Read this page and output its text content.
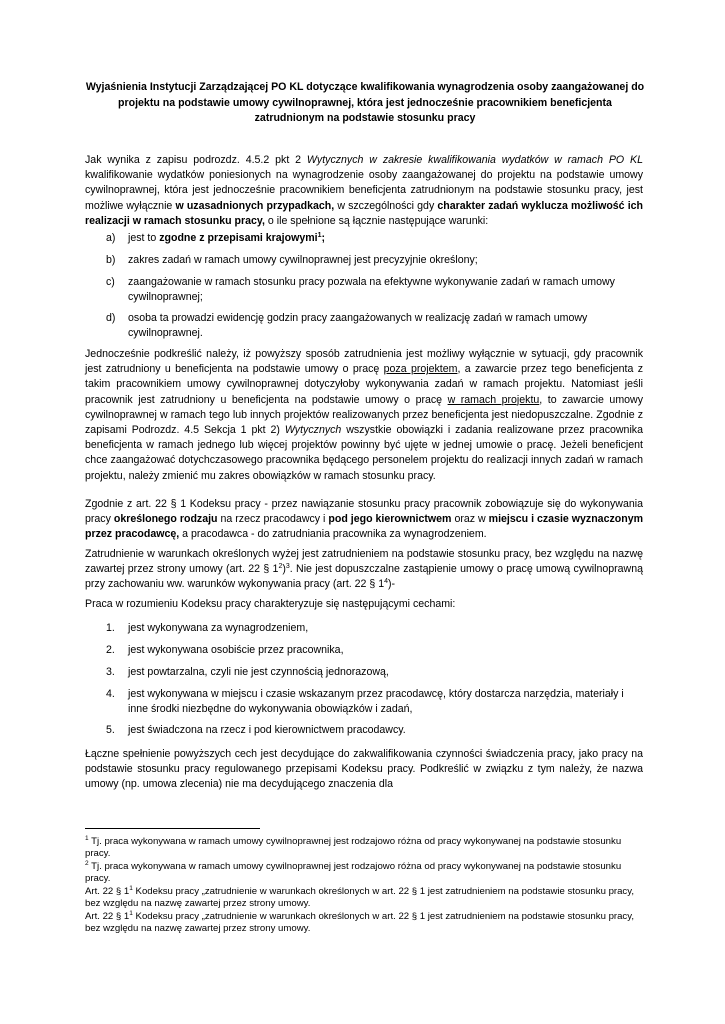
Wyjaśnienia Instytucji Zarządzającej PO KL dotyczące kwalifikowania wynagrodzenia osoby zaangażowanej do projektu na podstawie umowy cywilnoprawnej, która jest jednocześnie pracownikiem beneficjenta zatrudnionym na podstawie stosunku pracy
Jak wynika z zapisu podrozdz. 4.5.2 pkt 2 Wytycznych w zakresie kwalifikowania wydatków w ramach PO KL kwalifikowanie wydatków poniesionych na wynagrodzenie osoby zaangażowanej do projektu na podstawie umowy cywilnoprawnej, która jest jednocześnie pracownikiem beneficjenta zatrudnionym na podstawie stosunku pracy, jest możliwe wyłącznie w uzasadnionych przypadkach, w szczególności gdy charakter zadań wyklucza możliwość ich realizacji w ramach stosunku pracy, o ile spełnione są łącznie następujące warunki:
a)	jest to zgodne z przepisami krajowymi$^1$;
b)	zakres zadań w ramach umowy cywilnoprawnej jest precyzyjnie określony;
c)	zaangażowanie w ramach stosunku pracy pozwala na efektywne wykonywanie zadań w ramach umowy cywilnoprawnej;
d)	osoba ta prowadzi ewidencję godzin pracy zaangażowanych w realizację zadań w ramach umowy cywilnoprawnej.
Jednocześnie podkreślić należy, iż powyższy sposób zatrudnienia jest możliwy wyłącznie w sytuacji, gdy pracownik jest zatrudniony u beneficjenta na podstawie umowy o pracę poza projektem, a zawarcie przez tego beneficjenta z takim pracownikiem umowy cywilnoprawnej dotyczyłoby wykonywania zadań w ramach projektu. Natomiast jeśli pracownik jest zatrudniony u beneficjenta na podstawie umowy o pracę w ramach projektu, to zawarcie umowy cywilnoprawnej w ramach tego lub innych projektów realizowanych przez beneficjenta jest niedopuszczalne. Zgodnie z zapisami Podrozdz. 4.5 Sekcja 1 pkt 2) Wytycznych wszystkie obowiązki i zadania realizowane przez pracownika beneficjenta w ramach jednego lub więcej projektów powinny być ujęte w jednej umowie o pracę. Jeżeli beneficjent chce zaangażować dotychczasowego pracownika będącego personelem projektu do realizacji innych zadań w ramach projektu, należy zmienić mu zakres obowiązków w ramach stosunku pracy.
Zgodnie z art. 22 § 1 Kodeksu pracy - przez nawiązanie stosunku pracy pracownik zobowiązuje się do wykonywania pracy określonego rodzaju na rzecz pracodawcy i pod jego kierownictwem oraz w miejscu i czasie wyznaczonym przez pracodawcę, a pracodawca - do zatrudniania pracownika za wynagrodzeniem.
Zatrudnienie w warunkach określonych wyżej jest zatrudnieniem na podstawie stosunku pracy, bez względu na nazwę zawartej przez strony umowy (art. 22 § $1^2)^3$. Nie jest dopuszczalne zastąpienie umowy o pracę umową cywilnoprawną przy zachowaniu ww. warunków wykonywania pracy (art. 22 § $1^4)-$
Praca w rozumieniu Kodeksu pracy charakteryzuje się następującymi cechami:
1.	jest wykonywana za wynagrodzeniem,
2.	jest wykonywana osobiście przez pracownika,
3.	jest powtarzalna, czyli nie jest czynnością jednorazową,
4.	jest wykonywana w miejscu i czasie wskazanym przez pracodawcę, który dostarcza narzędzia, materiały i inne środki niezbędne do wykonywania obowiązków i zadań,
5.	jest świadczona na rzecz i pod kierownictwem pracodawcy.
Łączne spełnienie powyższych cech jest decydujące do zakwalifikowania czynności świadczenia pracy, jako pracy na podstawie stosunku pracy regulowanego przepisami Kodeksu pracy. Podkreślić w związku z tym należy, że nazwa umowy (np. umowa zlecenia) nie ma decydującego znaczenia dla
$^1$ Tj. praca wykonywana w ramach umowy cywilnoprawnej jest rodzajowo różna od pracy wykonywanej na podstawie stosunku pracy.
$^2$ Tj. praca wykonywana w ramach umowy cywilnoprawnej jest rodzajowo różna od pracy wykonywanej na podstawie stosunku pracy.
Art. 22 § $1^1$ Kodeksu pracy „zatrudnienie w warunkach określonych w art. 22 § 1 jest zatrudnieniem na podstawie stosunku pracy, bez względu na nazwę zawartej przez strony umowy.
Art. 22 § $1^1$ Kodeksu pracy „zatrudnienie w warunkach określonych w art. 22 § 1 jest zatrudnieniem na podstawie stosunku pracy, bez względu na nazwę zawartej przez strony umowy.
